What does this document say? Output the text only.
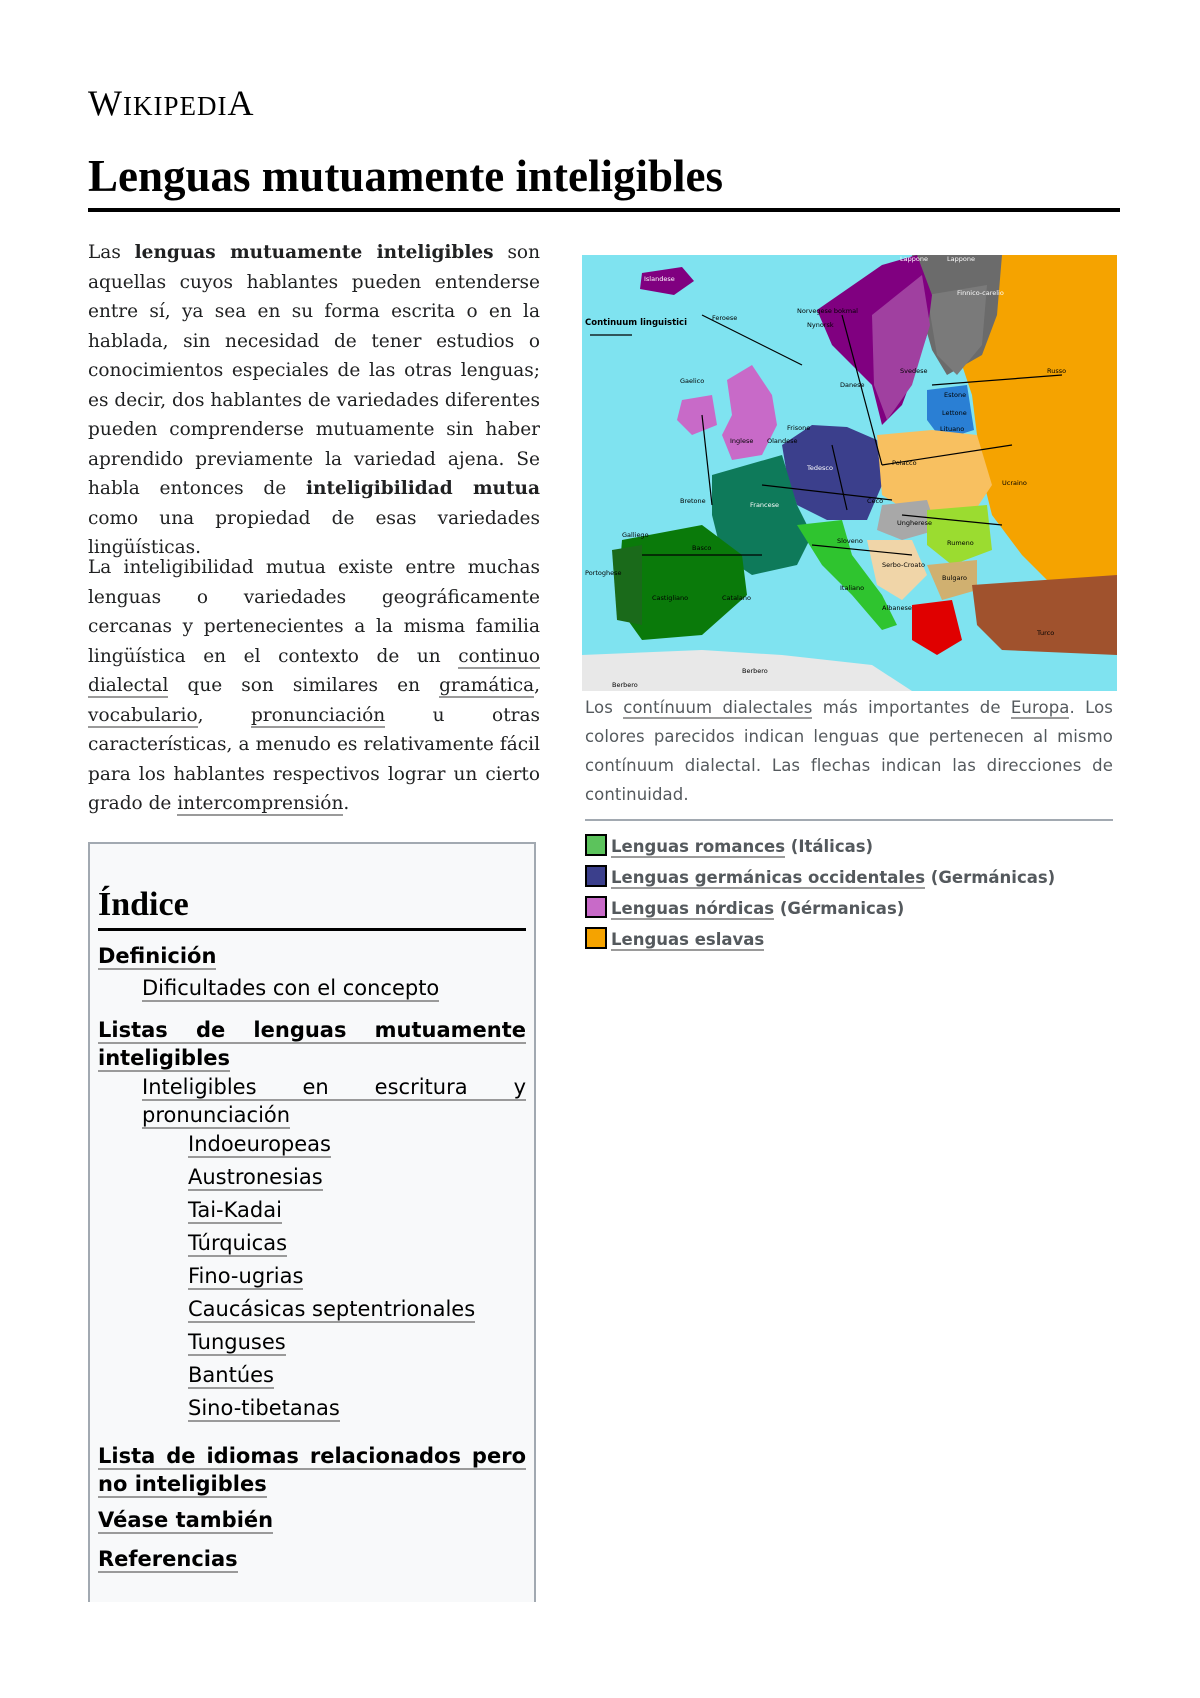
WIKIPEDIA
Lenguas mutuamente inteligibles

Las lenguas mutuamente inteligibles son aquellas cuyos hablantes pueden entenderse entre sí, ya sea en su forma escrita o en la hablada, sin necesidad de tener estudios o conocimientos especiales de las otras lenguas; es decir, dos hablantes de variedades diferentes pueden comprenderse mutuamente sin haber aprendido previamente la variedad ajena. Se habla entonces de inteligibilidad mutua como una propiedad de esas variedades lingüísticas.

La inteligibilidad mutua existe entre muchas lenguas o variedades geográficamente cercanas y pertenecientes a la misma familia lingüística en el contexto de un continuo dialectal que son similares en gramática, vocabulario, pronunciación u otras características, a menudo es relativamente fácil para los hablantes respectivos lograr un cierto grado de intercomprensión.

Índice
Definición
Dificultades con el concepto
Listas de lenguas mutuamente inteligibles
Inteligibles en escritura y pronunciación
Indoeuropeas
Austronesias
Tai-Kadai
Túrquicas
Fino-ugrias
Caucásicas septentrionales
Tunguses
Bantúes
Sino-tibetanas
Lista de idiomas relacionados pero no inteligibles
Véase también
Referencias
Continuum linguistici
Islandese
Feroese
Norvegese bokmal
Nynorsk
Lappone	Lappone
Finnico-carelio
Svedese
Danese
Estone
Lettone
Lituano
Russo
Gaelico
Inglese Olandese
Frisone
Tedesco
Polacco
Ceco
Ucraino
Bretone	Francese
Ungherese
Rumeno
Galliego
Basco
Portoghese
Castigliano	Catalano
Sloveno
Serbo-Croato
Italiano
Albanese
Bulgaro
Turco
Berbero
Berbero

Los contínuum dialectales más importantes de Europa. Los colores parecidos indican lenguas que pertenecen al mismo contínuum dialectal. Las flechas indican las direcciones de continuidad.

Lenguas romances (Itálicas)
Lenguas germánicas occidentales (Germánicas)
Lenguas nórdicas (Gérmanicas)
Lenguas eslavas
